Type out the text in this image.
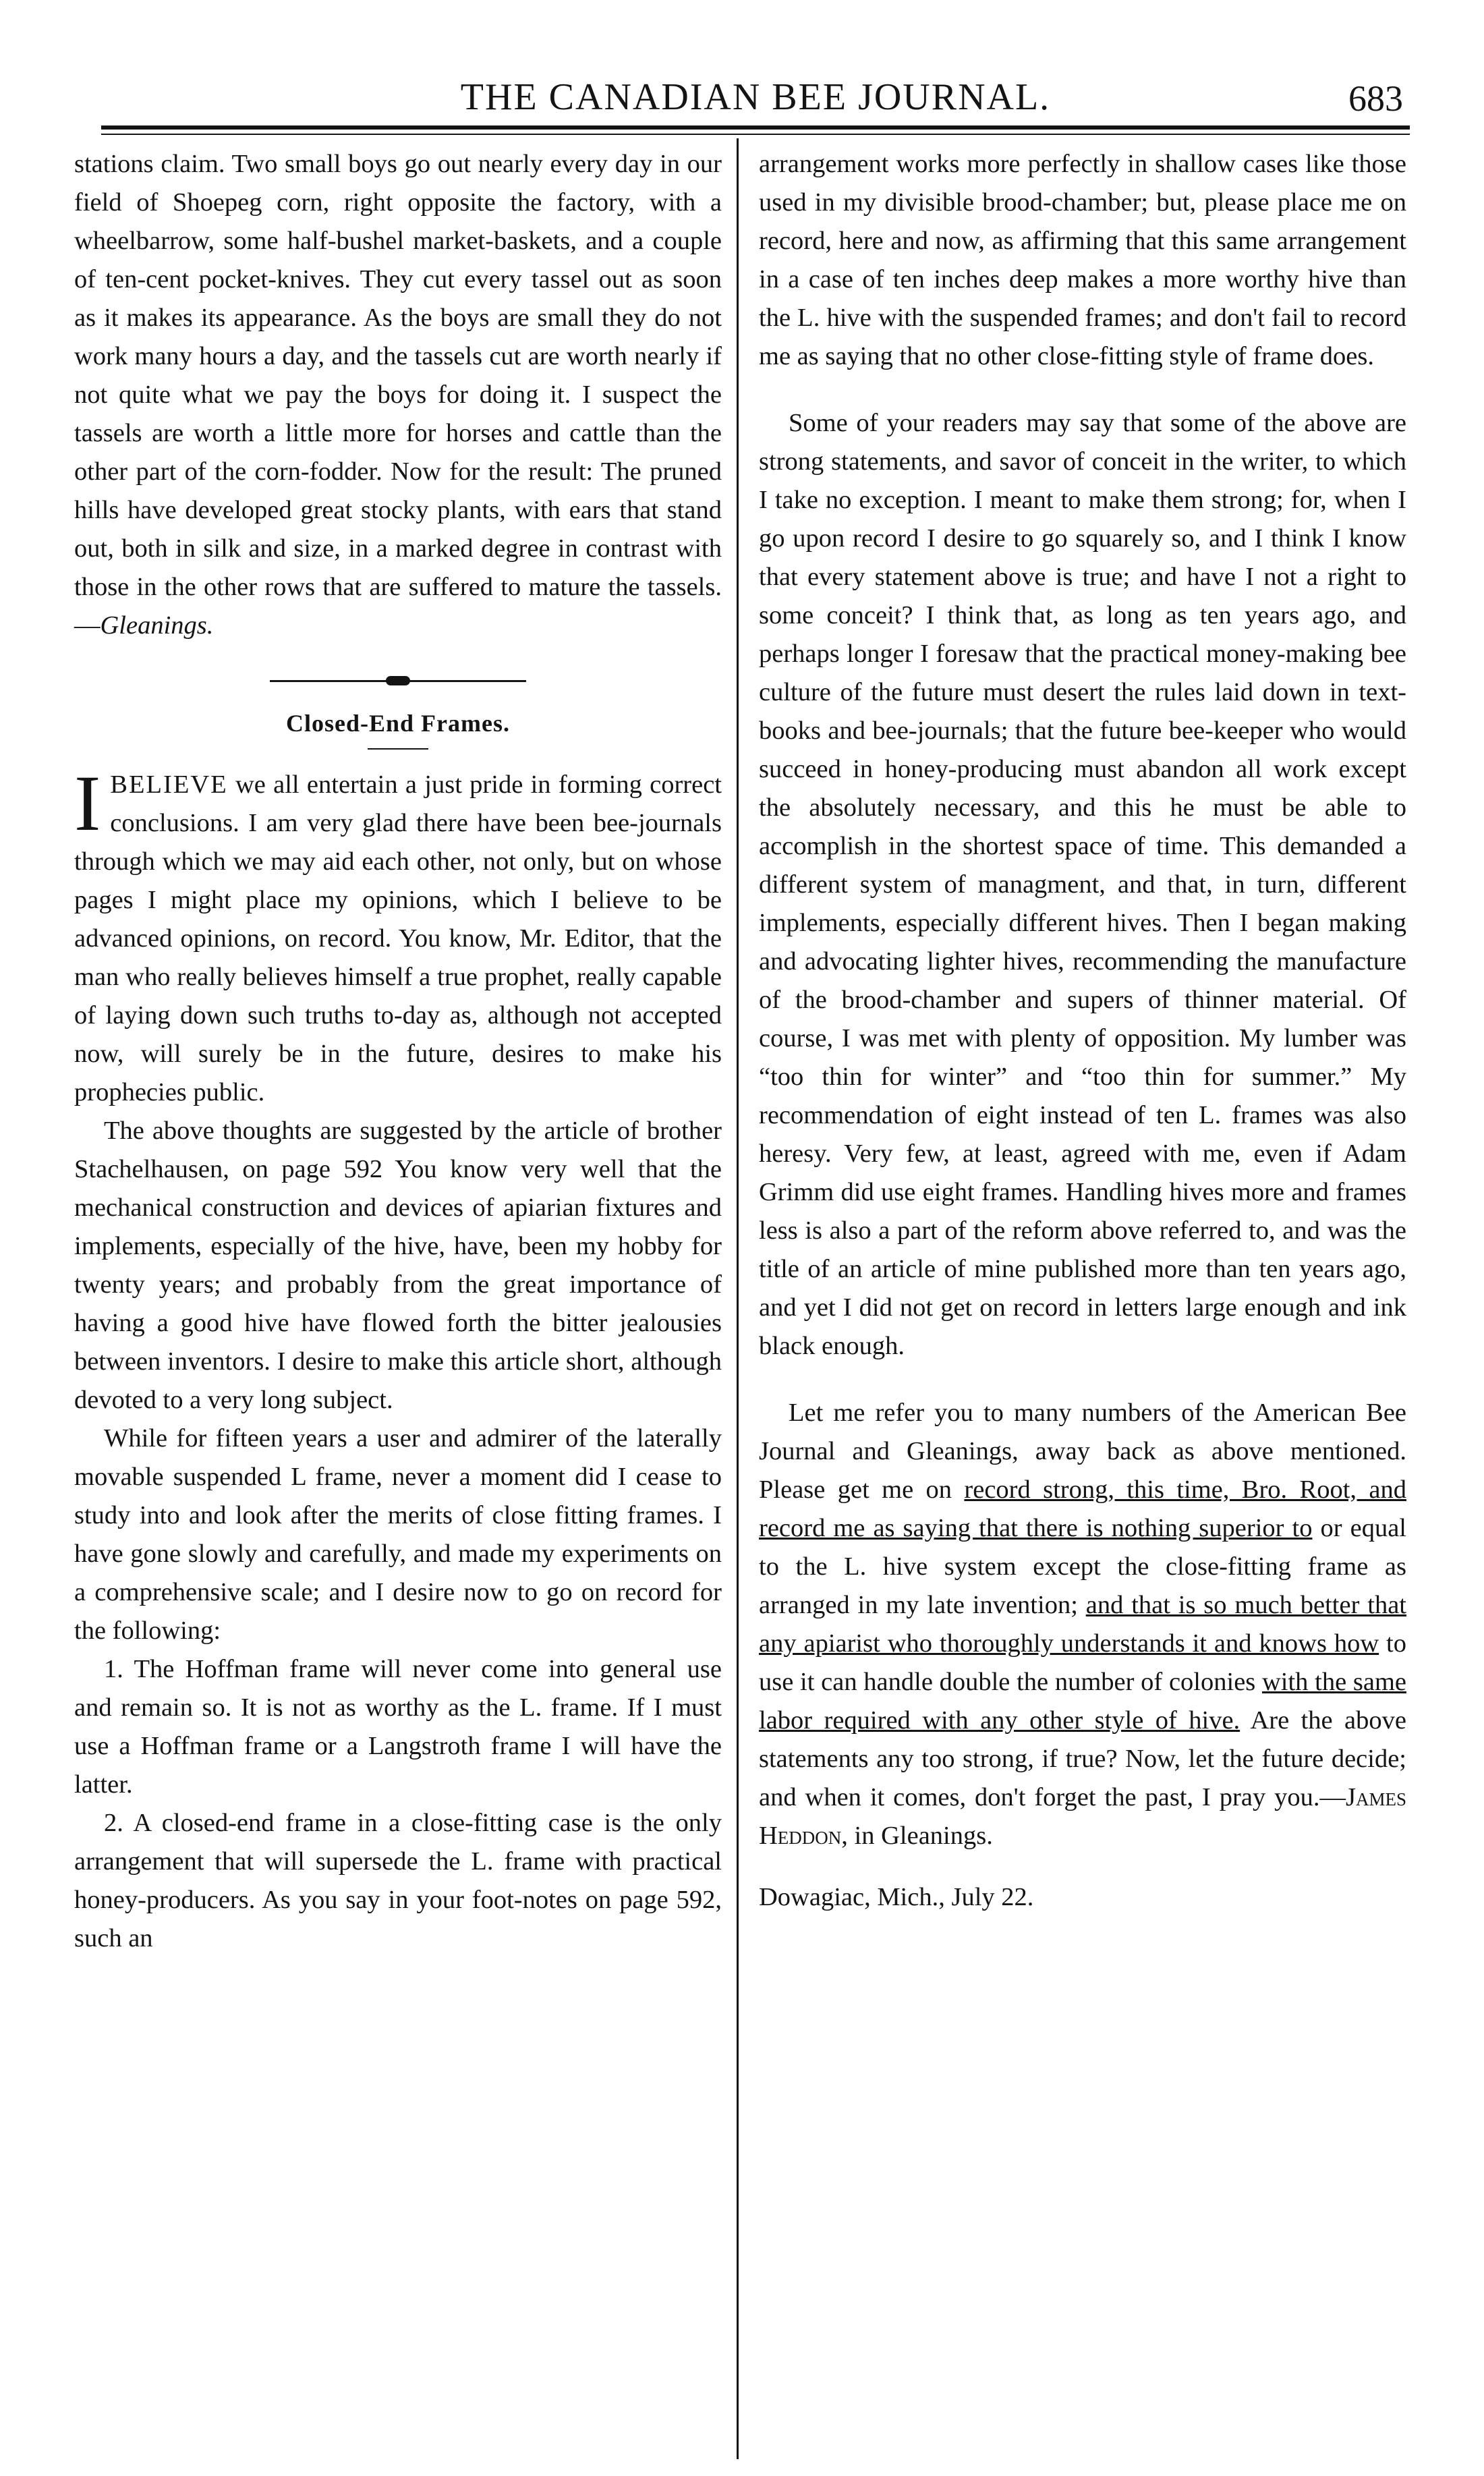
THE CANADIAN BEE JOURNAL.	683

stations claim. Two small boys go out nearly every day in our field of Shoepeg corn, right opposite the factory, with a wheelbarrow, some half-bushel market-baskets, and a couple of ten-cent pocket-knives. They cut every tassel out as soon as it makes its appearance. As the boys are small they do not work many hours a day, and the tassels cut are worth nearly if not quite what we pay the boys for doing it. I suspect the tassels are worth a little more for horses and cattle than the other part of the corn-fodder. Now for the result: The pruned hills have developed great stocky plants, with ears that stand out, both in silk and size, in a marked degree in contrast with those in the other rows that are suffered to mature the tassels.—Gleanings.

Closed-End Frames.

IBELIEVE we all entertain a just pride in forming correct conclusions. I am very glad there have been bee-journals through which we may aid each other, not only, but on whose pages I might place my opinions, which I believe to be advanced opinions, on record. You know, Mr. Editor, that the man who really believes himself a true prophet, really capable of laying down such truths to-day as, although not accepted now, will surely be in the future, desires to make his prophecies public.

The above thoughts are suggested by the article of brother Stachelhausen, on page 592 You know very well that the mechanical construction and devices of apiarian fixtures and implements, especially of the hive, have, been my hobby for twenty years; and probably from the great importance of having a good hive have flowed forth the bitter jealousies between inventors. I desire to make this article short, although devoted to a very long subject.

While for fifteen years a user and admirer of the laterally movable suspended L frame, never a moment did I cease to study into and look after the merits of close fitting frames. I have gone slowly and carefully, and made my experiments on a comprehensive scale; and I desire now to go on record for the following:

1. The Hoffman frame will never come into general use and remain so. It is not as worthy as the L. frame. If I must use a Hoffman frame or a Langstroth frame I will have the latter.

2. A closed-end frame in a close-fitting case is the only arrangement that will supersede the L. frame with practical honey-producers. As you say in your foot-notes on page 592, such an

arrangement works more perfectly in shallow cases like those used in my divisible brood-chamber; but, please place me on record, here and now, as affirming that this same arrangement in a case of ten inches deep makes a more worthy hive than the L. hive with the suspended frames; and don't fail to record me as saying that no other close-fitting style of frame does.

Some of your readers may say that some of the above are strong statements, and savor of conceit in the writer, to which I take no exception. I meant to make them strong; for, when I go upon record I desire to go squarely so, and I think I know that every statement above is true; and have I not a right to some conceit? I think that, as long as ten years ago, and perhaps longer I foresaw that the practical money-making bee culture of the future must desert the rules laid down in text-books and bee-journals; that the future bee-keeper who would succeed in honey-producing must abandon all work except the absolutely necessary, and this he must be able to accomplish in the shortest space of time. This demanded a different system of managment, and that, in turn, different implements, especially different hives. Then I began making and advocating lighter hives, recommending the manufacture of the brood-chamber and supers of thinner material. Of course, I was met with plenty of opposition. My lumber was “too thin for winter” and “too thin for summer.” My recommendation of eight instead of ten L. frames was also heresy. Very few, at least, agreed with me, even if Adam Grimm did use eight frames. Handling hives more and frames less is also a part of the reform above referred to, and was the title of an article of mine published more than ten years ago, and yet I did not get on record in letters large enough and ink black enough.

Let me refer you to many numbers of the American Bee Journal and Gleanings, away back as above mentioned. Please get me on record strong, this time, Bro. Root, and record me as saying that there is nothing superior to or equal to the L. hive system except the close-fitting frame as arranged in my late invention; and that is so much better that any apiarist who thoroughly understands it and knows how to use it can handle double the number of colonies with the same labor required with any other style of hive. Are the above statements any too strong, if true? Now, let the future decide; and when it comes, don't forget the past, I pray you.—James Heddon, in Gleanings.

Dowagiac, Mich., July 22.
